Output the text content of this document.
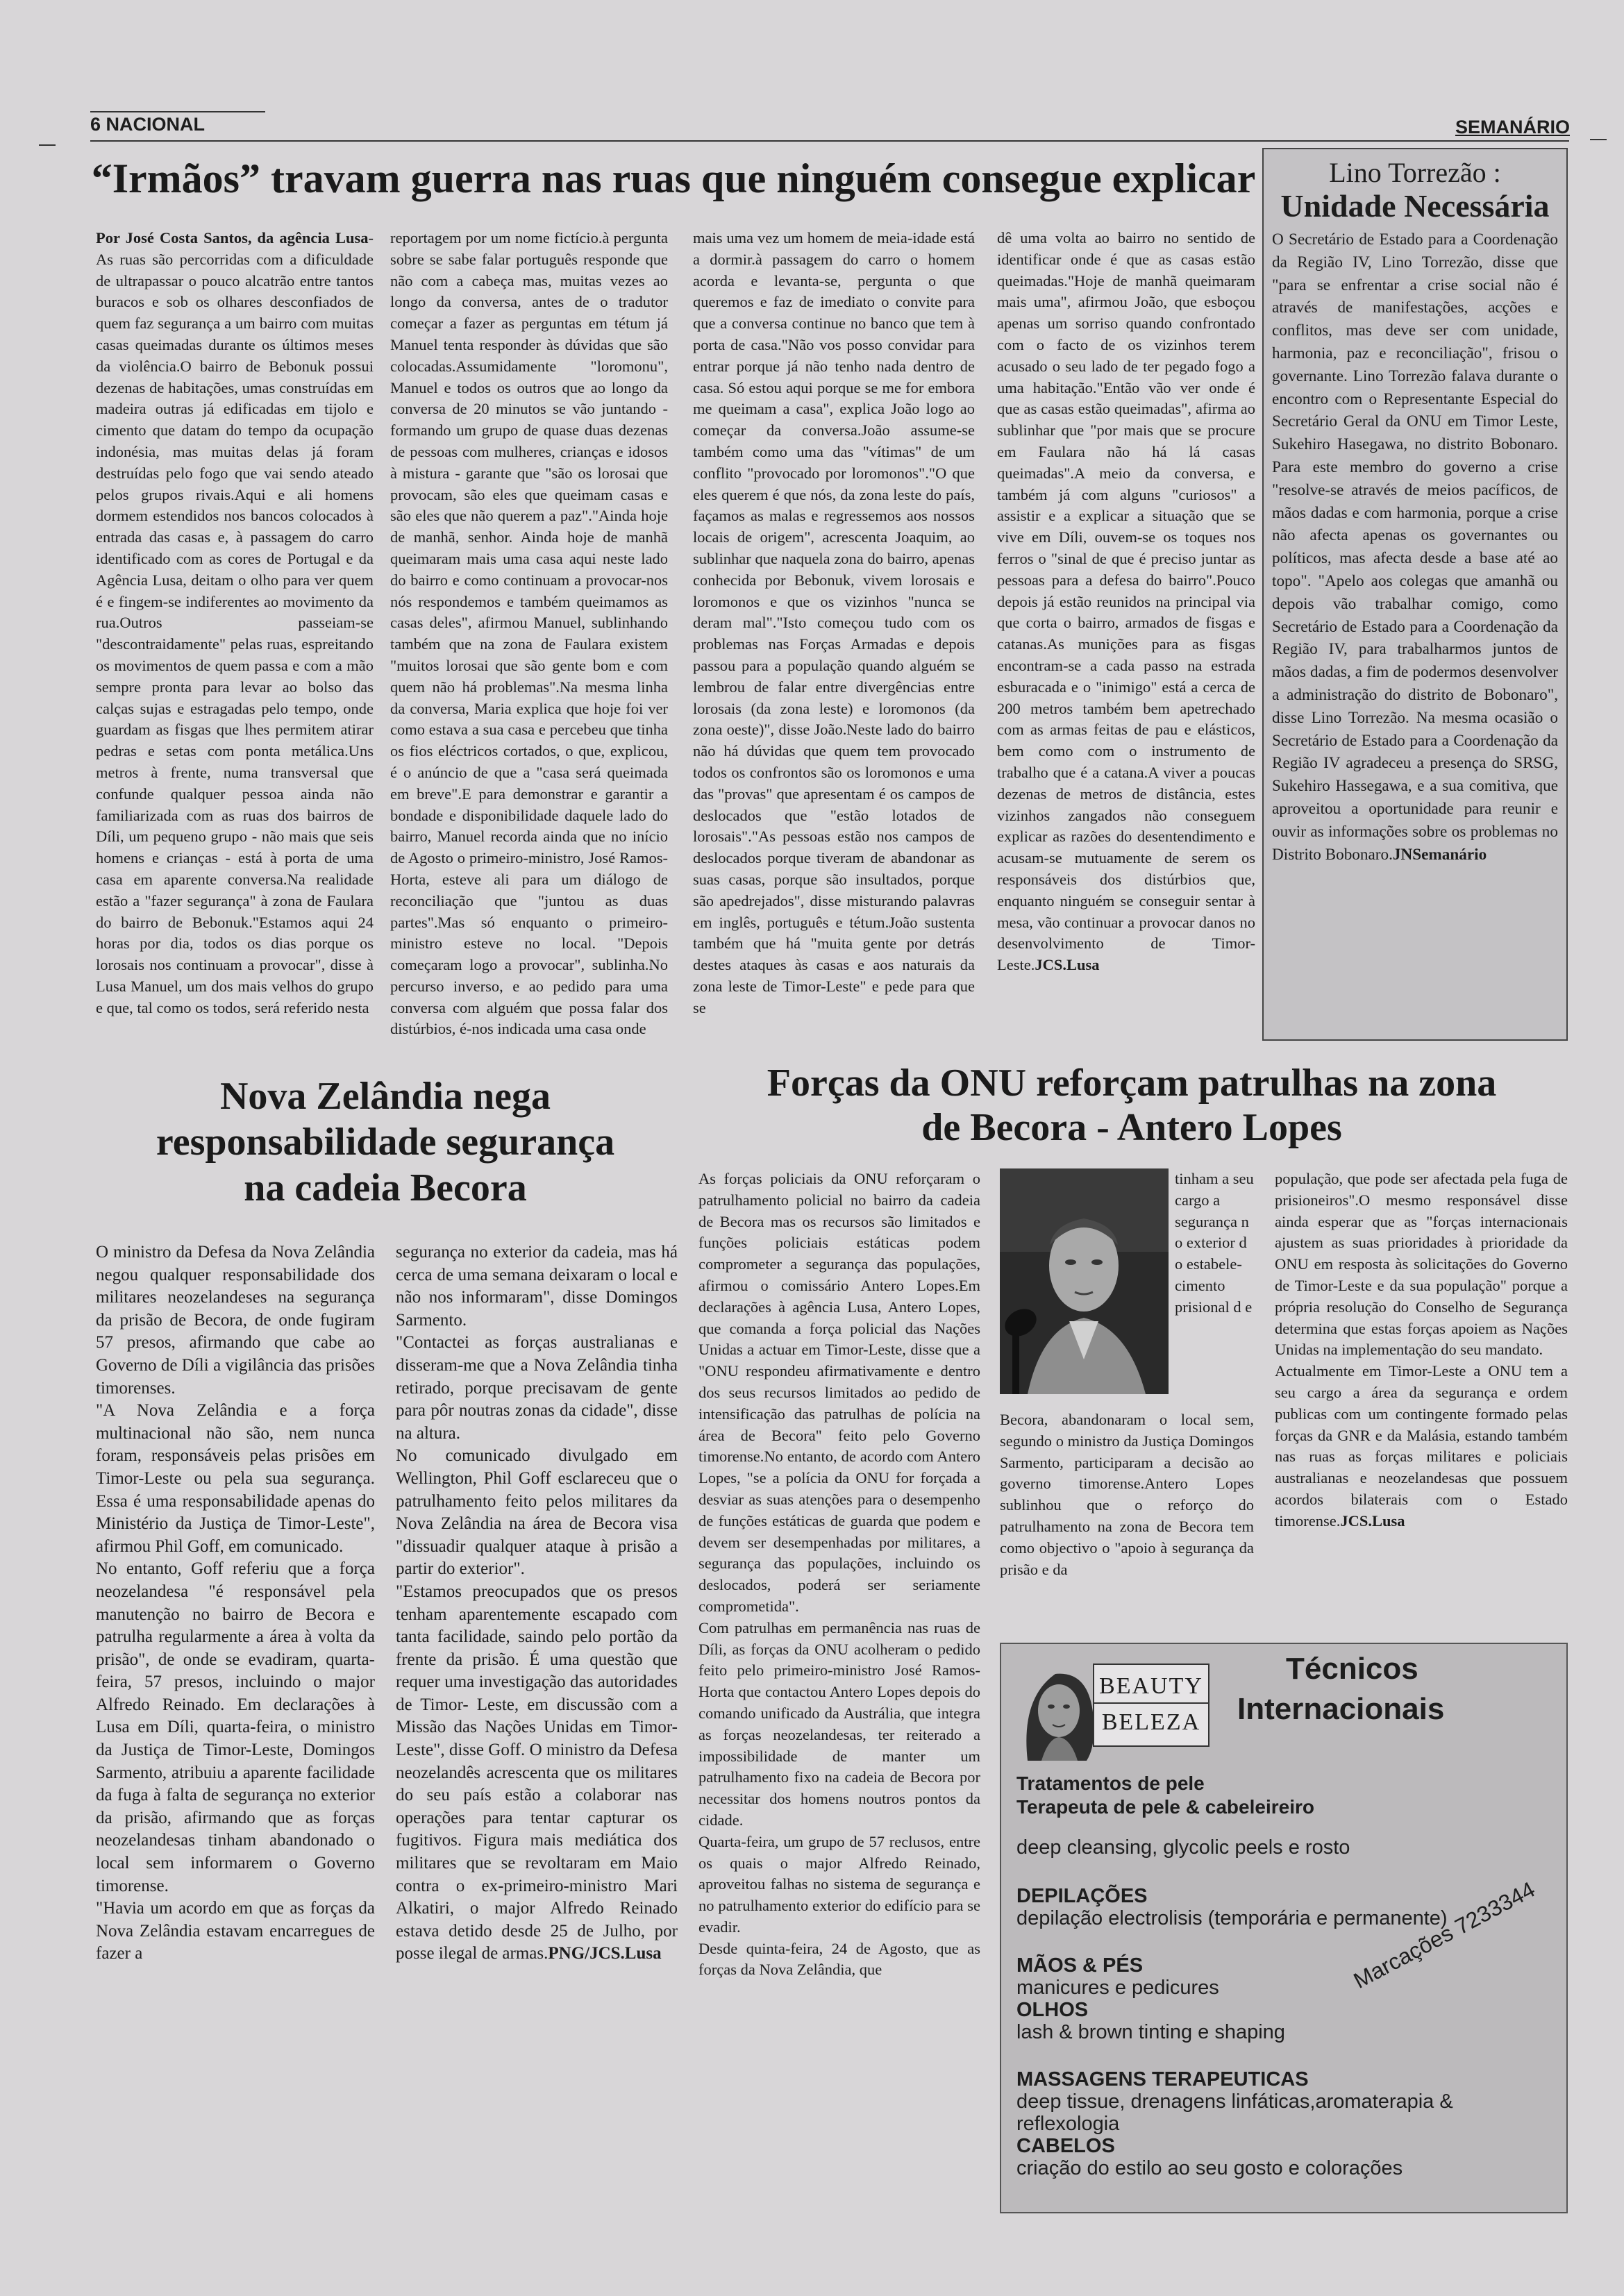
6 NACIONAL	SEMANÁRIO
“Irmãos” travam guerra nas ruas que ninguém consegue explicar

Por José Costa Santos, da agência Lusa- As ruas são percorridas com a dificuldade de ultrapassar o pouco alcatrão entre tantos buracos e sob os olhares desconfiados de quem faz segurança a um bairro com muitas casas queimadas durante os últimos meses da violência.O bairro de Bebonuk possui dezenas de habitações, umas construídas em madeira outras já edificadas em tijolo e cimento que datam do tempo da ocupação indonésia, mas muitas delas já foram destruídas pelo fogo que vai sendo ateado pelos grupos rivais.Aqui e ali homens dormem estendidos nos bancos colocados à entrada das casas e, à passagem do carro identificado com as cores de Portugal e da Agência Lusa, deitam o olho para ver quem é e fingem-se indiferentes ao movimento da rua.Outros passeiam-se "descontraidamente" pelas ruas, espreitando os movimentos de quem passa e com a mão sempre pronta para levar ao bolso das calças sujas e estragadas pelo tempo, onde guardam as fisgas que lhes permitem atirar pedras e setas com ponta metálica.Uns metros à frente, numa transversal que confunde qualquer pessoa ainda não familiarizada com as ruas dos bairros de Díli, um pequeno grupo - não mais que seis homens e crianças - está à porta de uma casa em aparente conversa.Na realidade estão a "fazer segurança" à zona de Faulara do bairro de Bebonuk."Estamos aqui 24 horas por dia, todos os dias porque os lorosais nos continuam a provocar", disse à Lusa Manuel, um dos mais velhos do grupo e que, tal como os todos, será referido nesta

reportagem por um nome fictício.à pergunta sobre se sabe falar português responde que não com a cabeça mas, muitas vezes ao longo da conversa, antes de o tradutor começar a fazer as perguntas em tétum já Manuel tenta responder às dúvidas que são colocadas.Assumidamente "loromonu", Manuel e todos os outros que ao longo da conversa de 20 minutos se vão juntando - formando um grupo de quase duas dezenas de pessoas com mulheres, crianças e idosos à mistura - garante que "são os lorosai que provocam, são eles que queimam casas e são eles que não querem a paz"."Ainda hoje de manhã, senhor. Ainda hoje de manhã queimaram mais uma casa aqui neste lado do bairro e como continuam a provocar-nos nós respondemos e também queimamos as casas deles", afirmou Manuel, sublinhando também que na zona de Faulara existem "muitos lorosai que são gente bom e com quem não há problemas".Na mesma linha da conversa, Maria explica que hoje foi ver como estava a sua casa e percebeu que tinha os fios eléctricos cortados, o que, explicou, é o anúncio de que a "casa será queimada em breve".E para demonstrar e garantir a bondade e disponibilidade daquele lado do bairro, Manuel recorda ainda que no início de Agosto o primeiro-ministro, José Ramos-Horta, esteve ali para um diálogo de reconciliação que "juntou as duas partes".Mas só enquanto o primeiro-ministro esteve no local. "Depois começaram logo a provocar", sublinha.No percurso inverso, e ao pedido para uma conversa com alguém que possa falar dos distúrbios, é-nos indicada uma casa onde

mais uma vez um homem de meia-idade está a dormir.à passagem do carro o homem acorda e levanta-se, pergunta o que queremos e faz de imediato o convite para que a conversa continue no banco que tem à porta de casa."Não vos posso convidar para entrar porque já não tenho nada dentro de casa. Só estou aqui porque se me for embora me queimam a casa", explica João logo ao começar da conversa.João assume-se também como uma das "vítimas" de um conflito "provocado por loromonos"."O que eles querem é que nós, da zona leste do país, façamos as malas e regressemos aos nossos locais de origem", acrescenta Joaquim, ao sublinhar que naquela zona do bairro, apenas conhecida por Bebonuk, vivem lorosais e loromonos e que os vizinhos "nunca se deram mal"."Isto começou tudo com os problemas nas Forças Armadas e depois passou para a população quando alguém se lembrou de falar entre divergências entre lorosais (da zona leste) e loromonos (da zona oeste)", disse João.Neste lado do bairro não há dúvidas que quem tem provocado todos os confrontos são os loromonos e uma das "provas" que apresentam é os campos de deslocados que "estão lotados de lorosais"."As pessoas estão nos campos de deslocados porque tiveram de abandonar as suas casas, porque são insultados, porque são apedrejados", disse misturando palavras em inglês, português e tétum.João sustenta também que há "muita gente por detrás destes ataques às casas e aos naturais da zona leste de Timor-Leste" e pede para que se

dê uma volta ao bairro no sentido de identificar onde é que as casas estão queimadas."Hoje de manhã queimaram mais uma", afirmou João, que esboçou apenas um sorriso quando confrontado com o facto de os vizinhos terem acusado o seu lado de ter pegado fogo a uma habitação."Então vão ver onde é que as casas estão queimadas", afirma ao sublinhar que "por mais que se procure em Faulara não há lá casas queimadas".A meio da conversa, e também já com alguns "curiosos" a assistir e a explicar a situação que se vive em Díli, ouvem-se os toques nos ferros o "sinal de que é preciso juntar as pessoas para a defesa do bairro".Pouco depois já estão reunidos na principal via que corta o bairro, armados de fisgas e catanas.As munições para as fisgas encontram-se a cada passo na estrada esburacada e o "inimigo" está a cerca de 200 metros também bem apetrechado com as armas feitas de pau e elásticos, bem como com o instrumento de trabalho que é a catana.A viver a poucas dezenas de metros de distância, estes vizinhos zangados não conseguem explicar as razões do desentendimento e acusam-se mutuamente de serem os responsáveis dos distúrbios que, enquanto ninguém se conseguir sentar à mesa, vão continuar a provocar danos no desenvolvimento de Timor-Leste.JCS.Lusa

Lino Torrezão :
Unidade Necessária
O Secretário de Estado para a Coordenação da Região IV, Lino Torrezão, disse que "para se enfrentar a crise social não é através de manifestações, acções e conflitos, mas deve ser com unidade, harmonia, paz e reconciliação", frisou o governante. Lino Torrezão falava durante o encontro com o Representante Especial do Secretário Geral da ONU em Timor Leste, Sukehiro Hasegawa, no distrito Bobonaro. Para este membro do governo a crise "resolve-se através de meios pacíficos, de mãos dadas e com harmonia, porque a crise não afecta apenas os governantes ou políticos, mas afecta desde a base até ao topo". "Apelo aos colegas que amanhã ou depois vão trabalhar comigo, como Secretário de Estado para a Coordenação da Região IV, para trabalharmos juntos de mãos dadas, a fim de podermos desenvolver a administração do distrito de Bobonaro", disse Lino Torrezão. Na mesma ocasião o Secretário de Estado para a Coordenação da Região IV agradeceu a presença do SRSG, Sukehiro Hassegawa, e a sua comitiva, que aproveitou a oportunidade para reunir e ouvir as informações sobre os problemas no Distrito Bobonaro.JNSemanário
Nova Zelândia nega
responsabilidade segurança
na cadeia Becora

O ministro da Defesa da Nova Zelândia negou qualquer responsabilidade dos militares neozelandeses na segurança da prisão de Becora, de onde fugiram 57 presos, afirmando que cabe ao Governo de Díli a vigilância das prisões timorenses.
"A Nova Zelândia e a força multinacional não são, nem nunca foram, responsáveis pelas prisões em Timor-Leste ou pela sua segurança. Essa é uma responsabilidade apenas do Ministério da Justiça de Timor-Leste", afirmou Phil Goff, em comunicado.
No entanto, Goff referiu que a força neozelandesa "é responsável pela manutenção no bairro de Becora e patrulha regularmente a área à volta da prisão", de onde se evadiram, quarta- feira, 57 presos, incluindo o major Alfredo Reinado. Em declarações à Lusa em Díli, quarta-feira, o ministro da Justiça de Timor-Leste, Domingos Sarmento, atribuiu a aparente facilidade da fuga à falta de segurança no exterior da prisão, afirmando que as forças neozelandesas tinham abandonado o local sem informarem o Governo timorense.
"Havia um acordo em que as forças da Nova Zelândia estavam encarregues de fazer a

segurança no exterior da cadeia, mas há cerca de uma semana deixaram o local e não nos informaram", disse Domingos Sarmento.
"Contactei as forças australianas e disseram-me que a Nova Zelândia tinha retirado, porque precisavam de gente para pôr noutras zonas da cidade", disse na altura.
No comunicado divulgado em Wellington, Phil Goff esclareceu que o patrulhamento feito pelos militares da Nova Zelândia na área de Becora visa "dissuadir qualquer ataque à prisão a partir do exterior".
"Estamos preocupados que os presos tenham aparentemente escapado com tanta facilidade, saindo pelo portão da frente da prisão. É uma questão que requer uma investigação das autoridades de Timor- Leste, em discussão com a Missão das Nações Unidas em Timor-Leste", disse Goff. O ministro da Defesa neozelandês acrescenta que os militares do seu país estão a colaborar nas operações para tentar capturar os fugitivos. Figura mais mediática dos militares que se revoltaram em Maio contra o ex-primeiro-ministro Mari Alkatiri, o major Alfredo Reinado estava detido desde 25 de Julho, por posse ilegal de armas.PNG/JCS.Lusa

Forças da ONU reforçam patrulhas na zona
de Becora - Antero Lopes

As forças policiais da ONU reforçaram o patrulhamento policial no bairro da cadeia de Becora mas os recursos são limitados e funções policiais estáticas podem comprometer a segurança das populações, afirmou o comissário Antero Lopes.Em declarações à agência Lusa, Antero Lopes, que comanda a força policial das Nações Unidas a actuar em Timor-Leste, disse que a "ONU respondeu afirmativamente e dentro dos seus recursos limitados ao pedido de intensificação das patrulhas de polícia na área de Becora" feito pelo Governo timorense.No entanto, de acordo com Antero Lopes, "se a polícia da ONU for forçada a desviar as suas atenções para o desempenho de funções estáticas de guarda que podem e devem ser desempenhadas por militares, a segurança das populações, incluindo os deslocados, poderá ser seriamente comprometida".
Com patrulhas em permanência nas ruas de Díli, as forças da ONU acolheram o pedido feito pelo primeiro-ministro José Ramos-Horta que contactou Antero Lopes depois do comando unificado da Austrália, que integra as forças neozelandesas, ter reiterado a impossibilidade de manter um patrulhamento fixo na cadeia de Becora por necessitar dos homens noutros pontos da cidade.
Quarta-feira, um grupo de 57 reclusos, entre os quais o major Alfredo Reinado, aproveitou falhas no sistema de segurança e no patrulhamento exterior do edifício para se evadir.
Desde quinta-feira, 24 de Agosto, que as forças da Nova Zelândia, que

tinham a seu cargo a segurança n o exterior d o estabele-cimento prisional d e

Becora, abandonaram o local sem, segundo o ministro da Justiça Domingos Sarmento, participaram a decisão ao governo timorense.Antero Lopes sublinhou que o reforço do patrulhamento na zona de Becora tem como objectivo o "apoio à segurança da prisão e da

população, que pode ser afectada pela fuga de prisioneiros".O mesmo responsável disse ainda esperar que as "forças internacionais ajustem as suas prioridades à prioridade da ONU em resposta às solicitações do Governo de Timor-Leste e da sua população" porque a própria resolução do Conselho de Segurança determina que estas forças apoiem as Nações Unidas na implementação do seu mandato.
Actualmente em Timor-Leste a ONU tem a seu cargo a área da segurança e ordem publicas com um contingente formado pelas forças da GNR e da Malásia, estando também nas ruas as forças militares e policiais australianas e neozelandesas que possuem acordos bilaterais com o Estado timorense.JCS.Lusa

BEAUTY
BELEZA
Técnicos
Internacionais
Tratamentos de pele
Terapeuta de pele & cabeleireiro
deep cleansing, glycolic peels e rosto
DEPILAÇÕES
depilação electrolisis (temporária e permanente)
MÃOS & PÉS
manicures e pedicures
OLHOS
lash & brown tinting e shaping
Marcações 7233344
MASSAGENS TERAPEUTICAS
deep tissue, drenagens linfáticas,aromaterapia &
reflexologia
CABELOS
criação do estilo ao seu gosto e colorações
